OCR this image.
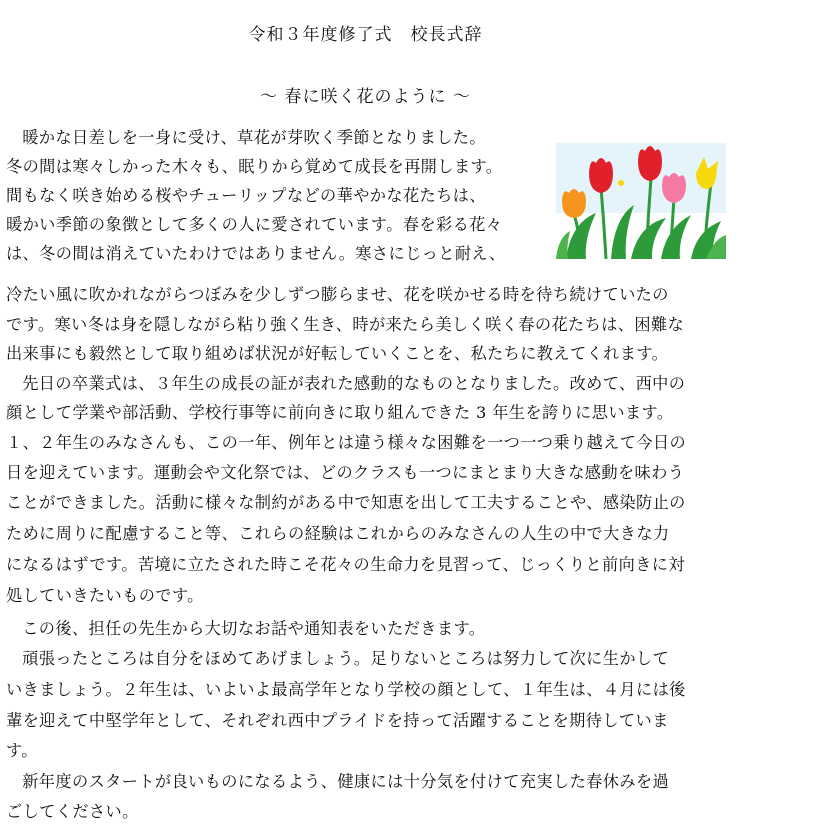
令和３年度修了式　校長式辞
～ 春に咲く花のように ～
暖かな日差しを一身に受け、草花が芽吹く季節となりました。
冬の間は寒々しかった木々も、眠りから覚めて成長を再開します。
間もなく咲き始める桜やチューリップなどの華やかな花たちは、
暖かい季節の象徴として多くの人に愛されています。春を彩る花々
は、冬の間は消えていたわけではありません。寒さにじっと耐え、
冷たい風に吹かれながらつぼみを少しずつ膨らませ、花を咲かせる時を待ち続けていたの
です。寒い冬は身を隠しながら粘り強く生き、時が来たら美しく咲く春の花たちは、困難な
出来事にも毅然として取り組めば状況が好転していくことを、私たちに教えてくれます。
先日の卒業式は、３年生の成長の証が表れた感動的なものとなりました。改めて、西中の
顔として学業や部活動、学校行事等に前向きに取り組んできた 3 年生を誇りに思います。
１、２年生のみなさんも、この一年、例年とは違う様々な困難を一つ一つ乗り越えて今日の
日を迎えています。運動会や文化祭では、どのクラスも一つにまとまり大きな感動を味わう
ことができました。活動に様々な制約がある中で知恵を出して工夫することや、感染防止の
ために周りに配慮すること等、これらの経験はこれからのみなさんの人生の中で大きな力
になるはずです。苦境に立たされた時こそ花々の生命力を見習って、じっくりと前向きに対
処していきたいものです。
この後、担任の先生から大切なお話や通知表をいただきます。
頑張ったところは自分をほめてあげましょう。足りないところは努力して次に生かして
いきましょう。２年生は、いよいよ最高学年となり学校の顔として、１年生は、４月には後
輩を迎えて中堅学年として、それぞれ西中プライドを持って活躍することを期待していま
す。
新年度のスタートが良いものになるよう、健康には十分気を付けて充実した春休みを過
ごしてください。
